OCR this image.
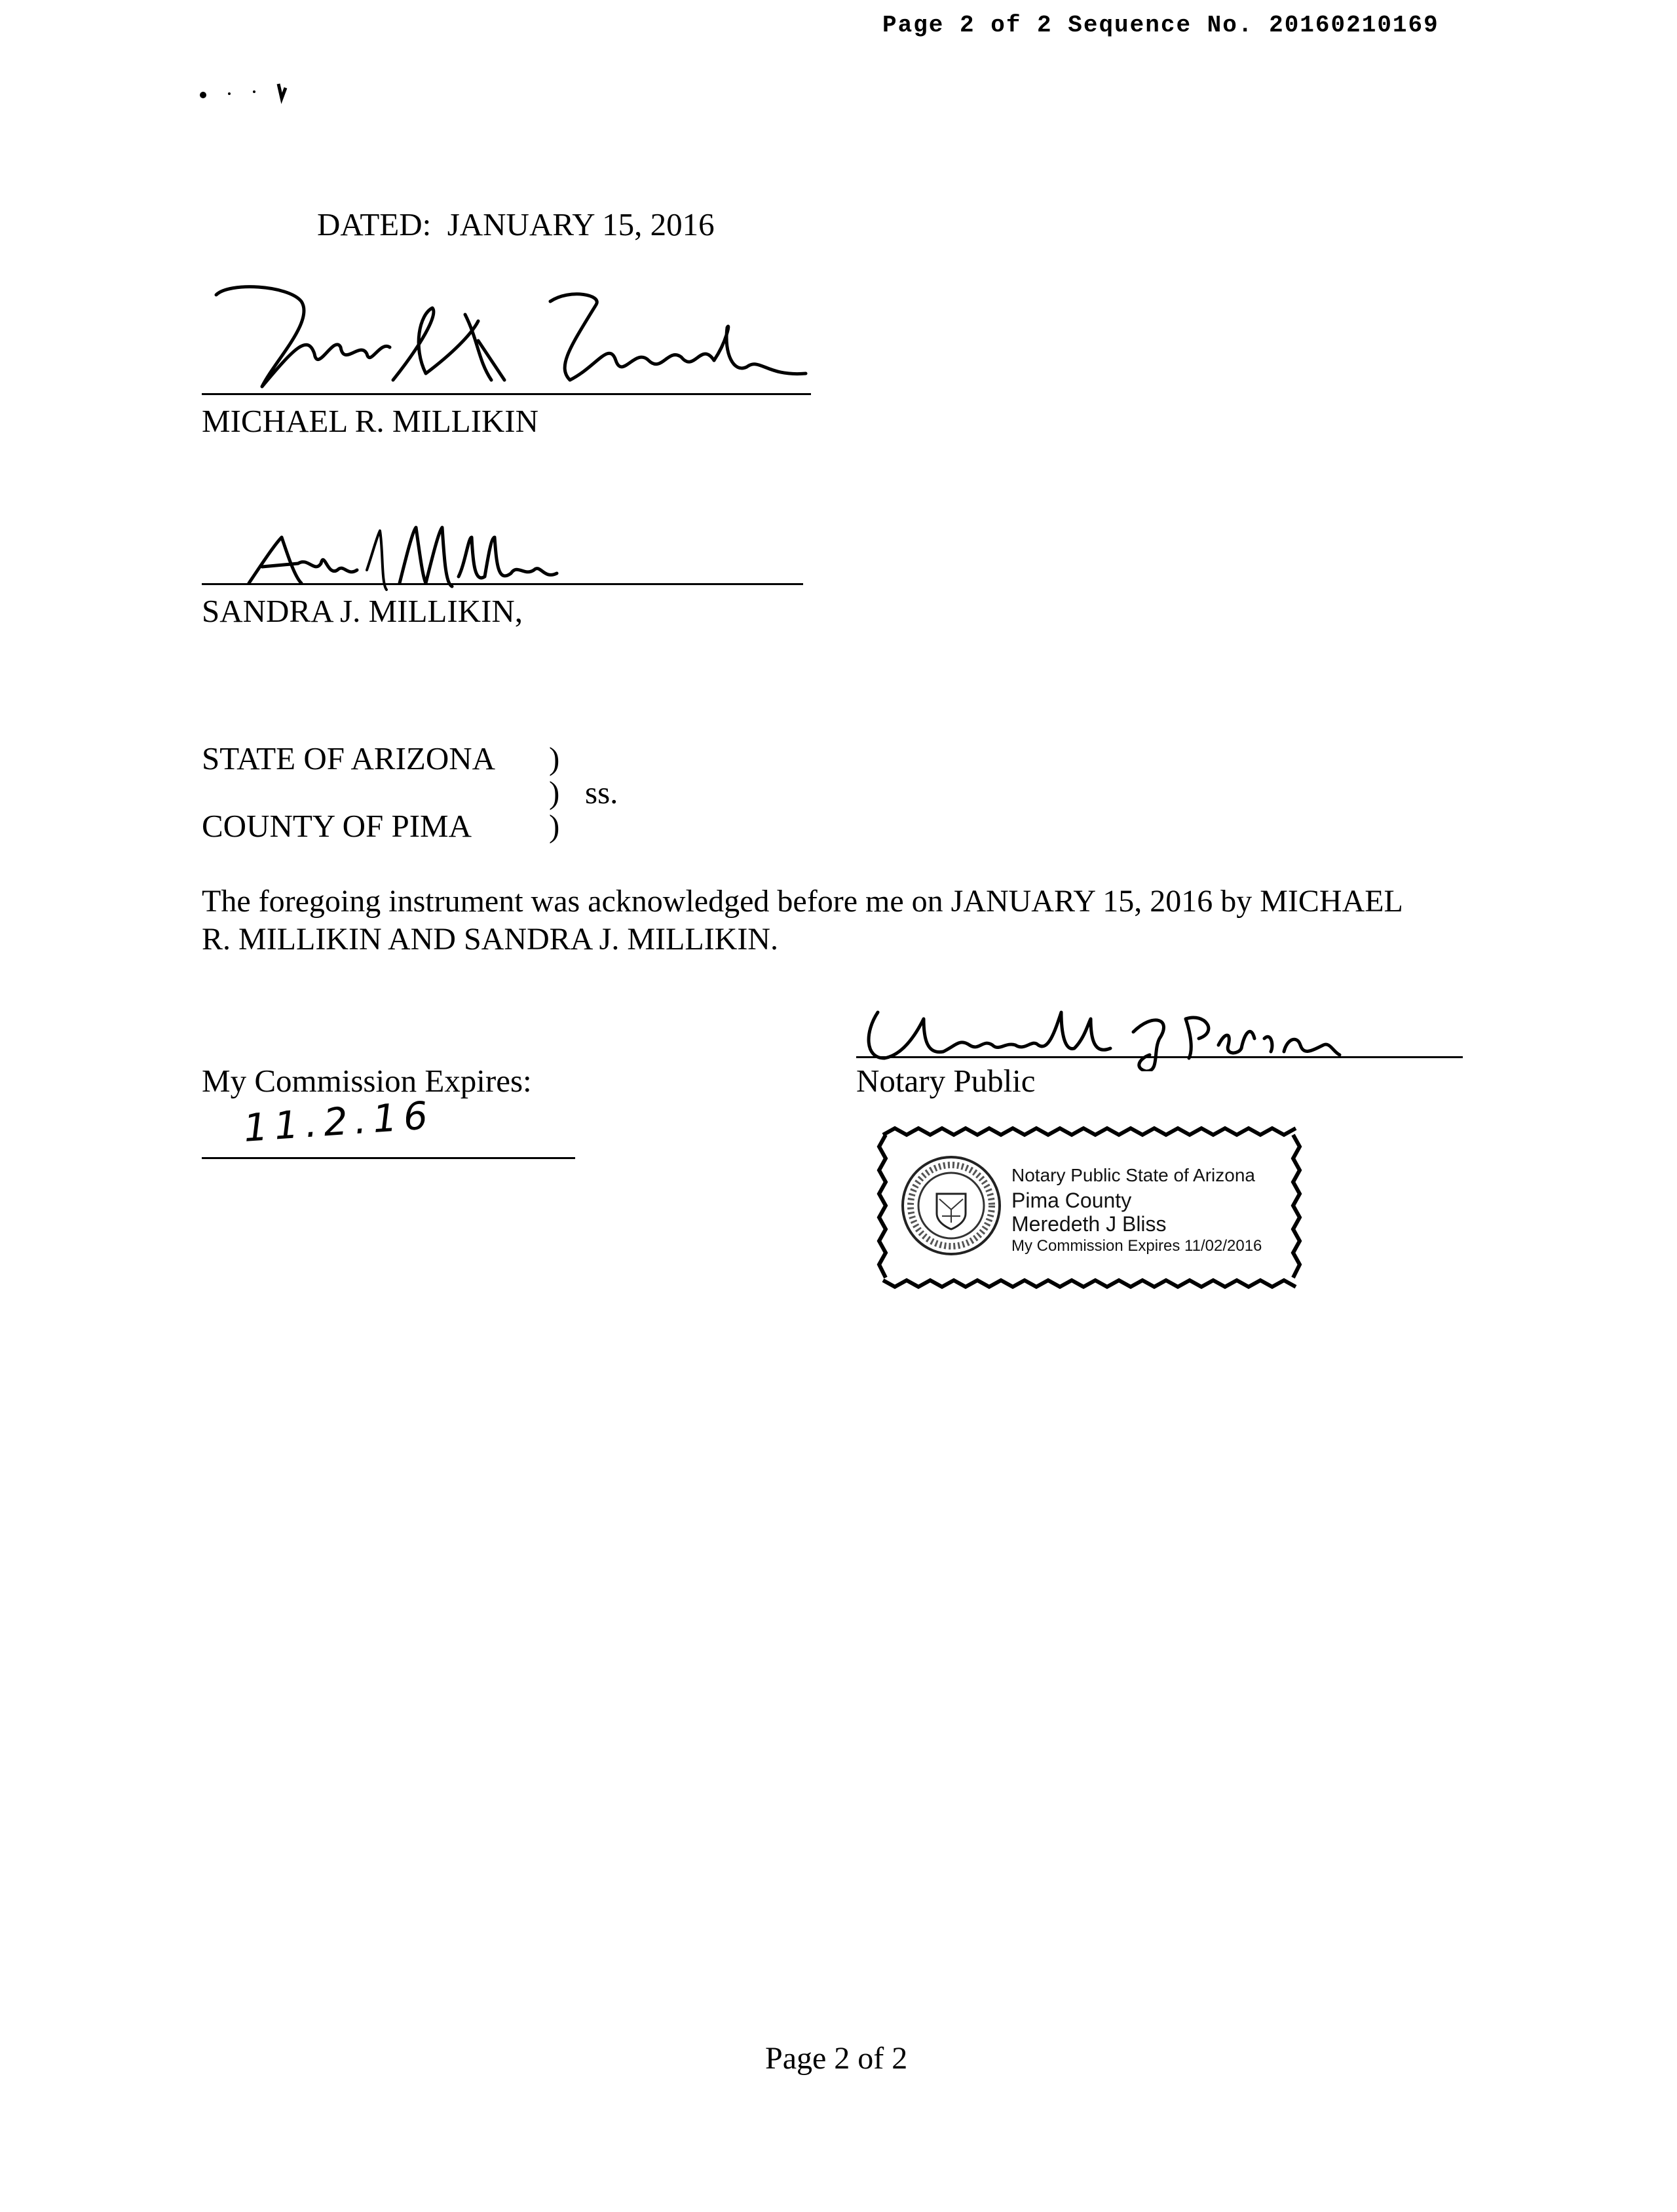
Page 2 of 2 Sequence No. 20160210169
DATED: JANUARY 15, 2016
MICHAEL R. MILLIKIN
SANDRA J. MILLIKIN,
STATE OF ARIZONA )
) ss.
COUNTY OF PIMA )
The foregoing instrument was acknowledged before me on JANUARY 15, 2016 by MICHAEL
R. MILLIKIN AND SANDRA J. MILLIKIN.
Notary Public
My Commission Expires:
11.2.16
Notary Public State of Arizona
Pima County
Meredeth J Bliss
My Commission Expires 11/02/2016
Page 2 of 2
